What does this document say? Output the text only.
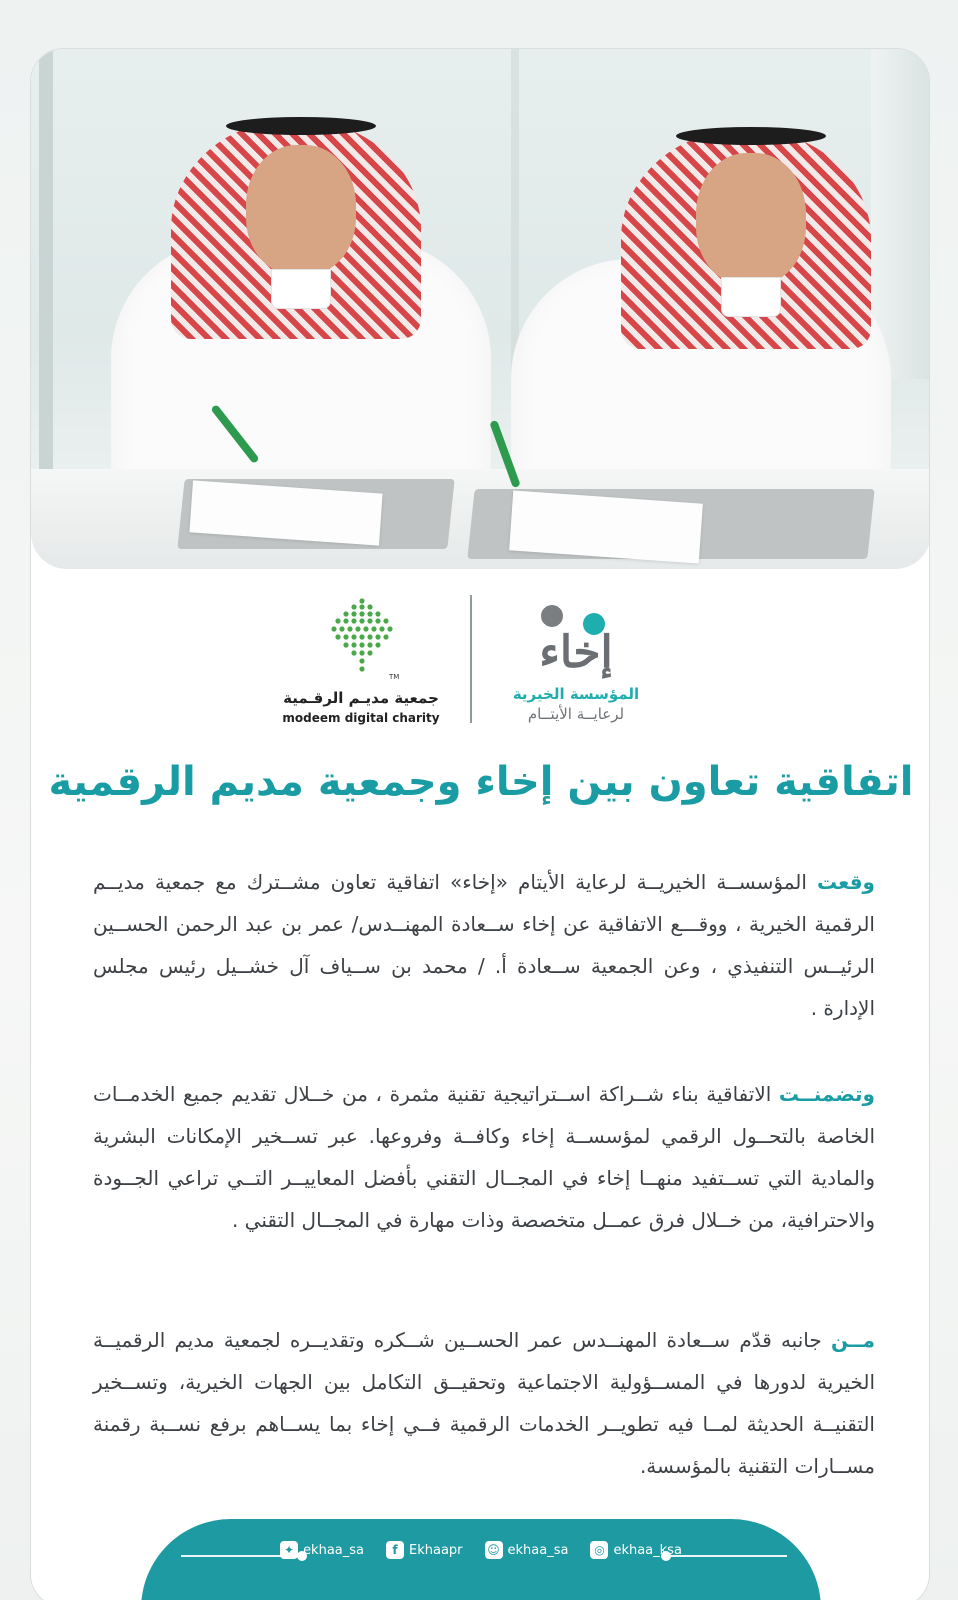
TM
جمعية مديـم الرقـمية
modeem digital charity
إخاء
المؤسسة الخيرية
لرعايــة الأيتــام
اتفاقية تعاون بين إخاء وجمعية مديم الرقمية

وقعت المؤسســة الخيريــة لرعاية الأيتام «إخاء» اتفاقية تعاون مشــترك مع جمعية مديــم الرقمية الخيرية ، ووقـــع الاتفاقية عن إخاء ســعادة المهنــدس/ عمر بن عبد الرحمن الحســين الرئيــس التنفيذي ، وعن الجمعية ســعادة أ. / محمد بن ســياف آل خشــيل رئيس مجلس الإدارة .

وتضمنــت الاتفاقية بناء شــراكة اســتراتيجية تقنية مثمرة ، من خــلال تقديم جميع الخدمــات الخاصة بالتحــول الرقمي لمؤسســة إخاء وكافــة وفروعها. عبر تســخير الإمكانات البشرية والمادية التي تســتفيد منهــا إخاء في المجــال التقني بأفضل المعاييــر التــي تراعي الجــودة والاحترافية، من خــلال فرق عمــل متخصصة وذات مهارة في المجــال التقني .

مــن جانبه قدّم ســعادة المهنــدس عمر الحســين شــكره وتقديــره لجمعية مديم الرقميــة الخيرية لدورها في المســؤولية الاجتماعية وتحقيــق التكامل بين الجهات الخيرية، وتســخير التقنيــة الحديثة لمــا فيه تطويــر الخدمات الرقمية فــي إخاء بما يســاهم برفع نســبة رقمنة مســارات التقنية بالمؤسسة.

✦ ekhaa_sa	f Ekhaapr ☺ ekhaa_sa	◎ ekhaa_ksa
